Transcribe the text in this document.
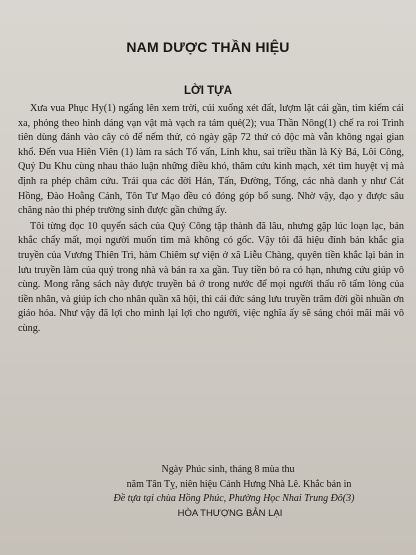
NAM DƯỢC THẦN HIỆU
LỜI TỰA

Xưa vua Phục Hy(1) ngẩng lên xem trời, cúi xuống xét đất, lượm lặt cái gần, tìm kiếm cái xa, phỏng theo hình dáng vạn vật mà vạch ra tám quẻ(2); vua Thần Nông(1) chế ra roi Trình tiên dùng đánh vào cây cỏ để nếm thử, có ngày gặp 72 thứ cỏ độc mà vẫn không ngại gian khổ. Đến vua Hiên Viên (1) làm ra sách Tố vấn, Linh khu, sai triều thần là Kỳ Bá, Lôi Công, Quỷ Du Khu cùng nhau thảo luận những điều khó, thăm cứu kinh mạch, xét tìm huyệt vị mà định ra phép châm cứu. Trải qua các đời Hán, Tấn, Đường, Tống, các nhà danh y như Cát Hồng, Đào Hoằng Cảnh, Tôn Tư Mạo đều có đóng góp bổ sung. Nhờ vậy, đạo y được sâu chăng nào thì phép trường sinh được gần chứng ấy.

Tôi từng đọc 10 quyển sách của Quý Công tập thành đã lâu, nhưng gặp lúc loạn lạc, bản khắc chẩy mất, mọi người muốn tìm mà không có gốc. Vậy tôi đã hiệu đính bản khắc gia truyền của Vương Thiên Trì, hàm Chiêm sự viện ở xã Liễu Chàng, quyên tiền khắc lại bản in lưu truyền làm của quý trong nhà và bán ra xa gần. Tuy tiền bỏ ra có hạn, nhưng cứu giúp vô cùng. Mong rằng sách này được truyền bá ở trong nước để mọi người thấu rõ tấm lòng của tiền nhân, và giúp ích cho nhân quần xã hội, thì cái đức sáng lưu truyền trăm đời gồi nhuần ơn giáo hóa. Như vậy đã lợi cho mình lại lợi cho người, việc nghĩa ấy sẽ sáng chói mãi mãi vô cùng.

Ngày Phúc sinh, tháng 8 mùa thu
năm Tân Tỵ, niên hiệu Cảnh Hưng Nhà Lê. Khắc bản in
Đề tựa tại chùa Hồng Phúc, Phường Học Nhai Trung Đô(3)
HÒA THƯỢNG BẢN LẠI
